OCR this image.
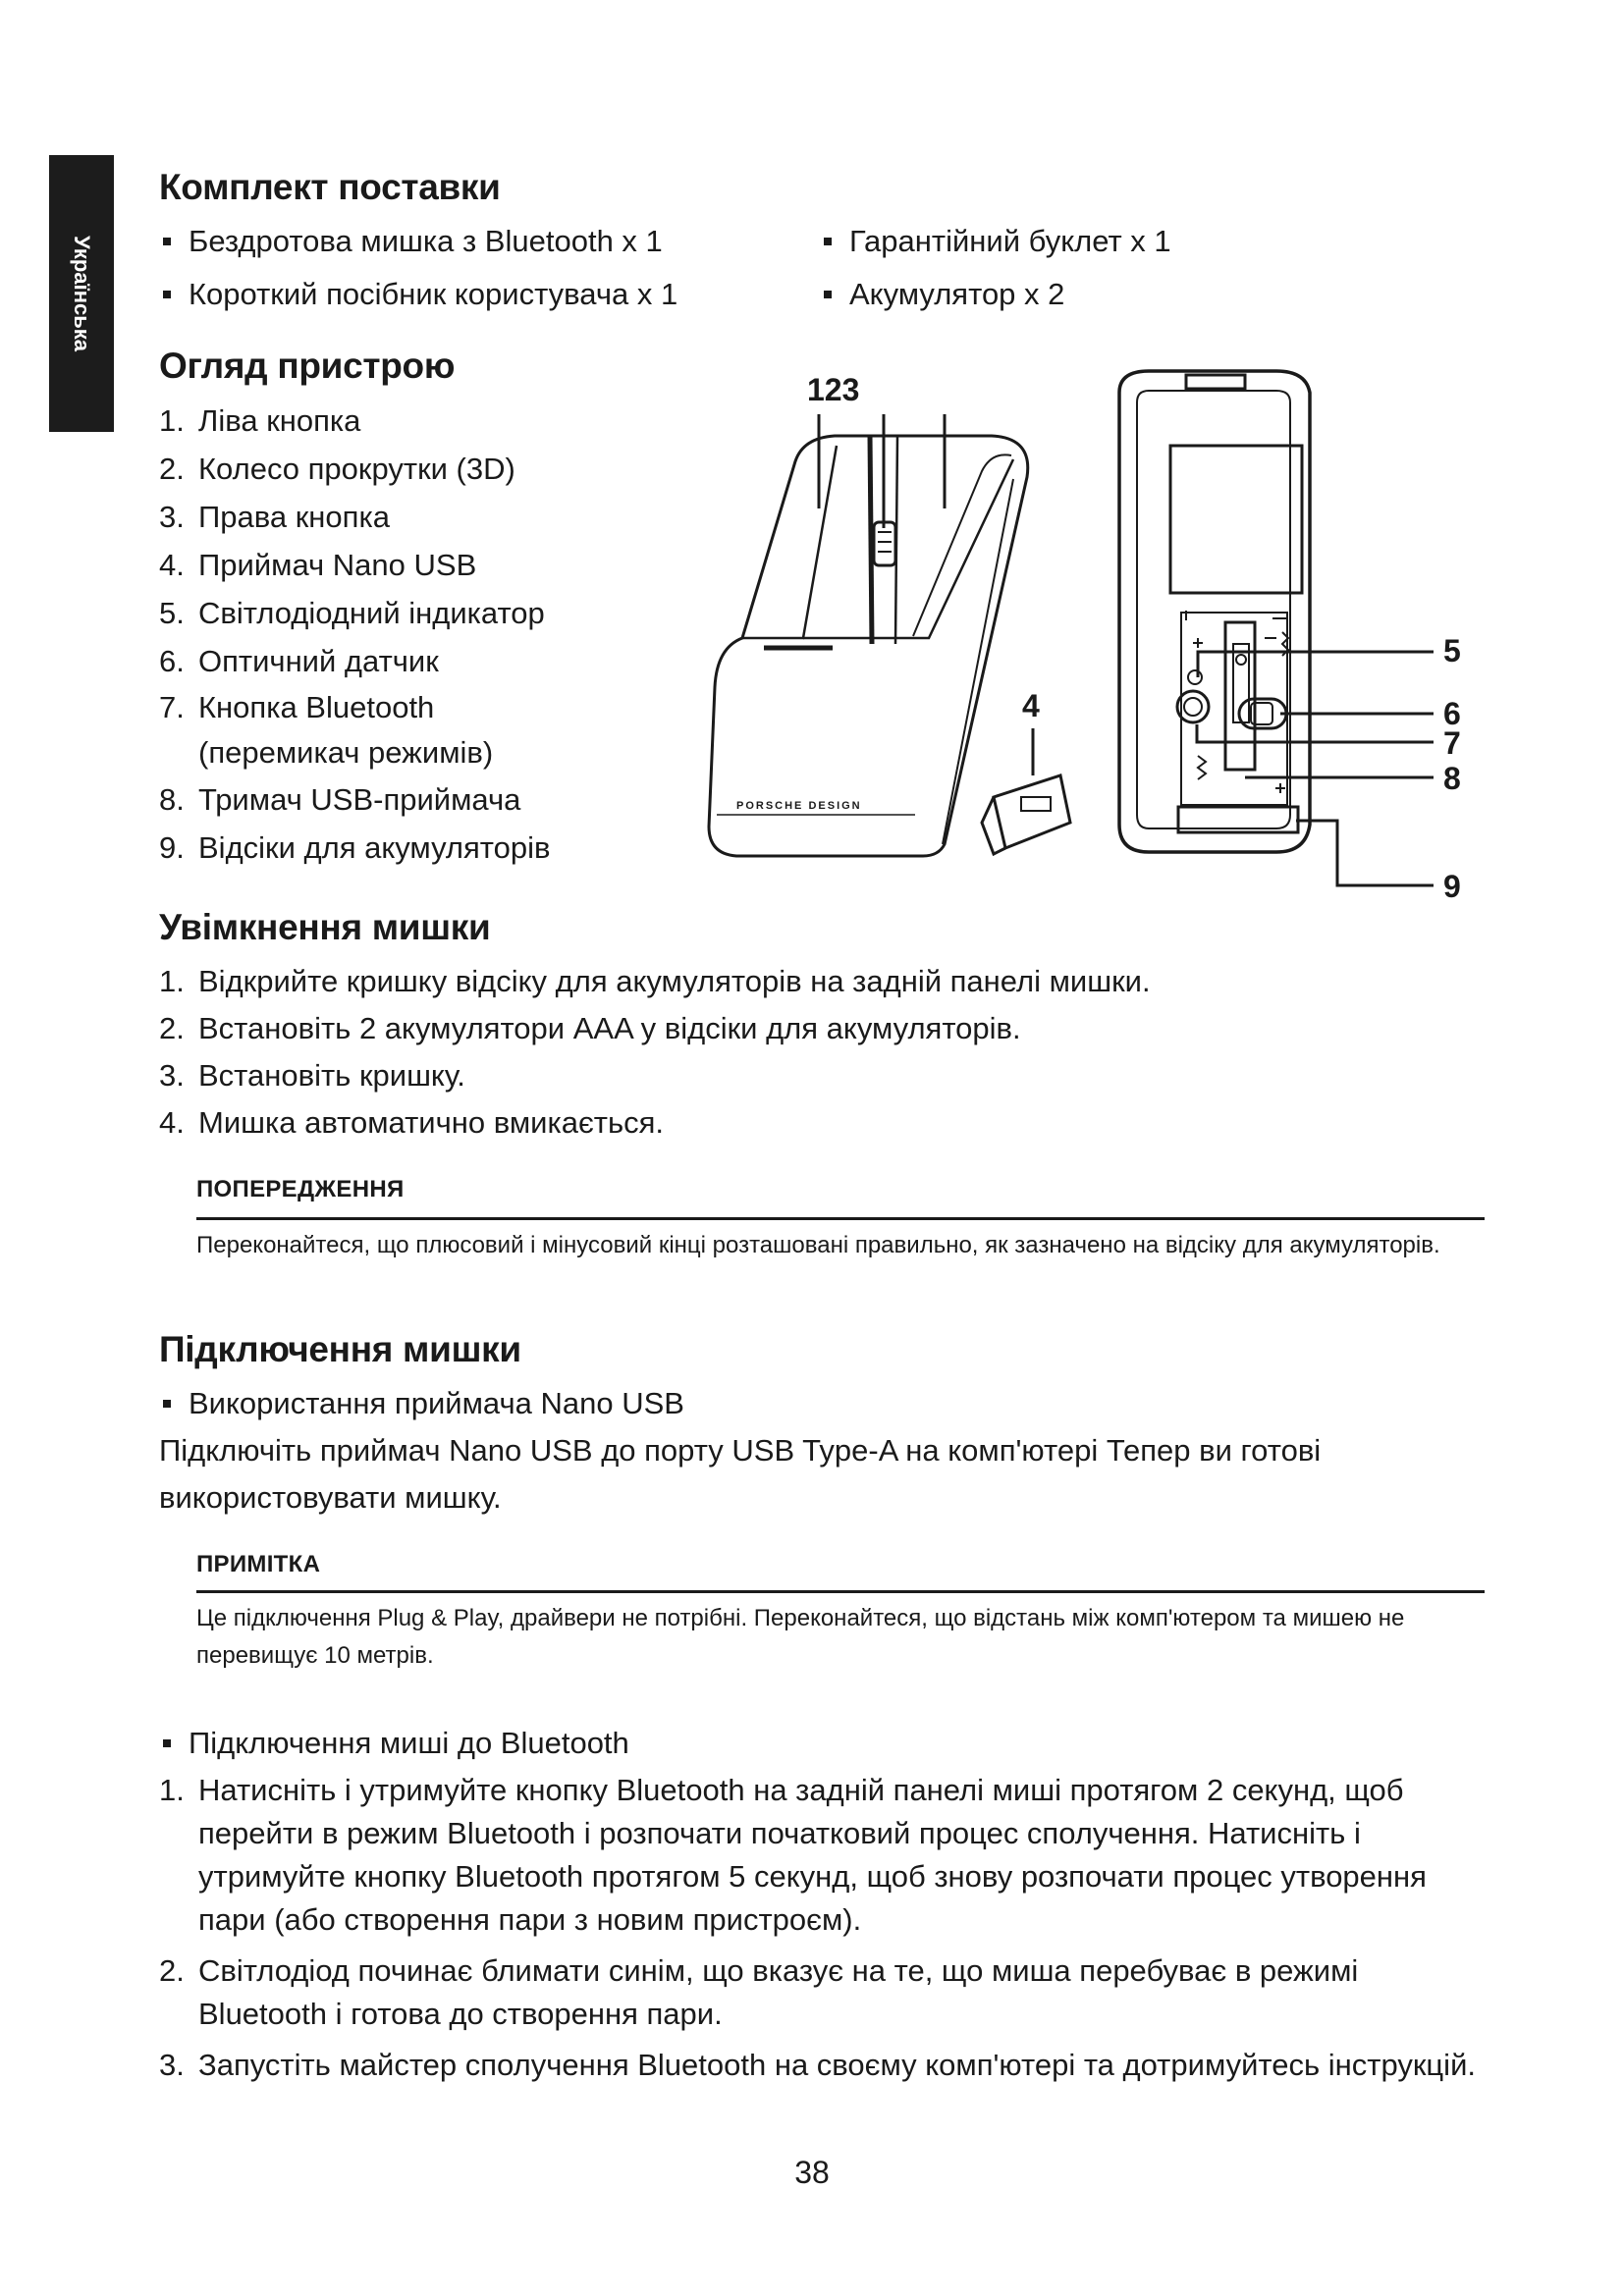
Українська
Комплект поставки
Бездротова мишка з Bluetooth x 1
Короткий посібник користувача x 1
Гарантійний буклет x 1
Акумулятор x 2
Огляд пристрою
1. Ліва кнопка
2. Колесо прокрутки (3D)
3. Права кнопка
4. Приймач Nano USB
5. Світлодіодний індикатор
6. Оптичний датчик
7. Кнопка Bluetooth
(перемикач режимів)
8. Тримач USB-приймача
9. Відсіки для акумуляторів
PORSCHE DESIGN
123
4
5
6
7
8
9
Увімкнення мишки
1. Відкрийте кришку відсіку для акумуляторів на задній панелі мишки.
2. Встановіть 2 акумулятори AAA у відсіки для акумуляторів.
3. Встановіть кришку.
4. Мишка автоматично вмикається.
ПОПЕРЕДЖЕННЯ
Переконайтеся, що плюсовий і мінусовий кінці розташовані правильно, як зазначено на відсіку для акумуляторів.
Підключення мишки
Використання приймача Nano USB
Підключіть приймач Nano USB до порту USB Type-A на комп'ютері Тепер ви готові використовувати мишку.
ПРИМІТКА
Це підключення Plug & Play, драйвери не потрібні. Переконайтеся, що відстань між комп'ютером та мишею не перевищує 10 метрів.
Підключення миші до Bluetooth
1. Натисніть і утримуйте кнопку Bluetooth на задній панелі миші протягом 2 секунд, щоб перейти в режим Bluetooth і розпочати початковий процес сполучення. Натисніть і утримуйте кнопку Bluetooth протягом 5 секунд, щоб знову розпочати процес утворення пари (або створення пари з новим пристроєм).
2. Світлодіод починає блимати синім, що вказує на те, що миша перебуває в режимі Bluetooth і готова до створення пари.
3. Запустіть майстер сполучення Bluetooth на своєму комп'ютері та дотримуйтесь інструкцій.
38
